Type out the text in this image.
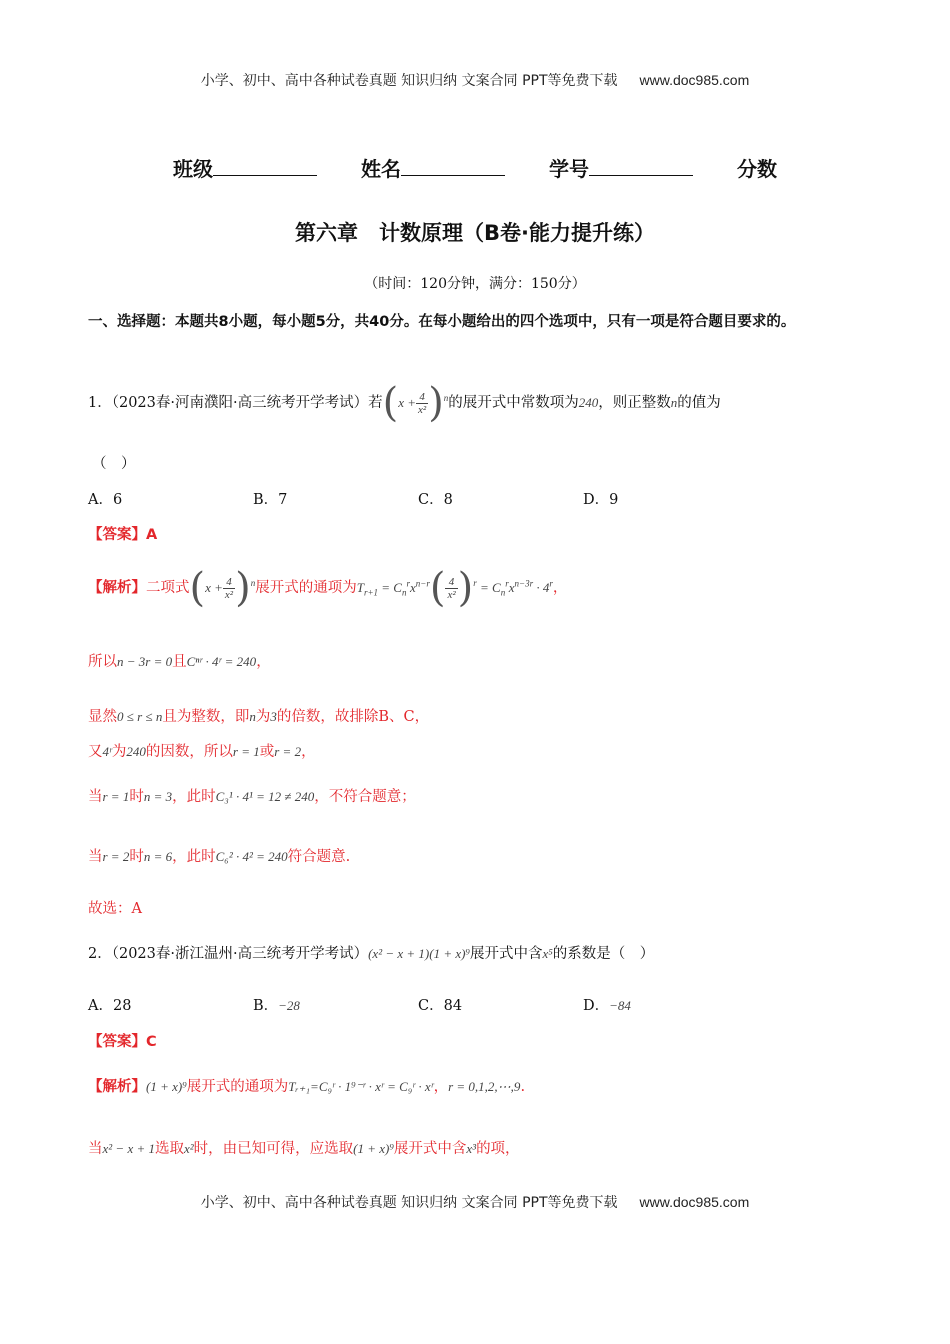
小学、初中、高中各种试卷真题 知识归纳 文案合同 PPT等免费下载 www.doc985.com
班级	姓名	学号	分数
第六章　计数原理（B卷·能力提升练）
（时间：120分钟，满分：150分）
一、选择题：本题共8小题，每小题5分，共40分。在每小题给出的四个选项中，只有一项是符合题目要求的。
1．（2023春·河南濮阳·高三统考开学考试）若$(x + \frac{4}{\text{x²}} )^n$的展开式中常数项为240，则正整数n的值为
（　）
A．6	B．7	C．8	D．9
【答案】A
【解析】二项式$(x + \frac{4}{\text{x²}} )^n$展开式的通项为$T_{r+1} = C_n^rx^{n-r}( \frac{4}{\text{x²}} )^r = C_n^rx^{n-3r} \cdot 4^r$，
所以n − 3r = 0且Cⁿʳ · 4ʳ = 240，
显然0 ≤ r ≤ n且为整数，即n为3的倍数，故排除B、C，
又4ʳ为240的因数，所以r = 1或r = 2，
当r = 1时n = 3，此时C₃¹ · 4¹ = 12 ≠ 240，不符合题意；
当r = 2时n = 6，此时C₆² · 4² = 240符合题意.
故选：A
2．（2023春·浙江温州·高三统考开学考试）(x² − x + 1)(1 + x)⁹展开式中含x⁵的系数是（　）
A．28	B．−28	C．84	D．−84
【答案】C
【解析】(1 + x)⁹展开式的通项为Tᵣ₊₁=C₉ʳ · 1⁹⁻ʳ · xʳ = C₉ʳ · xʳ，r = 0,1,2,⋯,9.
当x² − x + 1选取x²时，由已知可得，应选取(1 + x)⁹展开式中含x³的项，
小学、初中、高中各种试卷真题 知识归纳 文案合同 PPT等免费下载 www.doc985.com
